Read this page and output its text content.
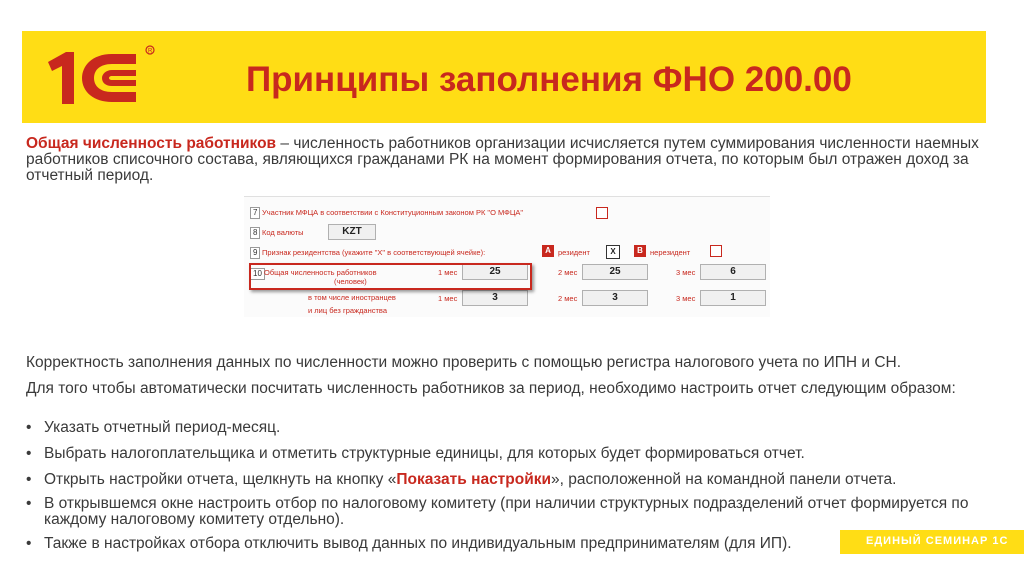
R
Принципы заполнения ФНО 200.00
Общая численность работников – численность работников организации исчисляется путем суммирования численности наемных работников списочного состава, являющихся гражданами РК на момент формирования отчета, по которым был отражен доход за отчетный период.
7 Участник МФЦА в соответствии с Конституционным законом РК "О МФЦА"
8 Код валюты	KZT
9 Признак резидентства (укажите "Х" в соответствующей ячейке):	A резидент	X	B нерезидент
10 Общая численность работников
(человек)
1 мес	25	2 мес	25	3 мес	6
в том числе иностранцев
и лиц без гражданства
1 мес	3	2 мес	3	3 мес	1
Корректность заполнения данных по численности можно проверить с помощью регистра налогового учета по ИПН и СН.
Для того чтобы автоматически посчитать численность работников за период, необходимо настроить отчет следующим образом:
• Указать отчетный период-месяц.
• Выбрать налогоплательщика и отметить структурные единицы, для которых будет формироваться отчет.
• Открыть настройки отчета, щелкнуть на кнопку «Показать настройки», расположенной на командной панели отчета.
• В открывшемся окне настроить отбор по налоговому комитету (при наличии структурных подразделений отчет формируется по каждому налоговому комитету отдельно).
ЕДИНЫЙ СЕМИНАР 1С
• Также в настройках отбора отключить вывод данных по индивидуальным предпринимателям (для ИП).
